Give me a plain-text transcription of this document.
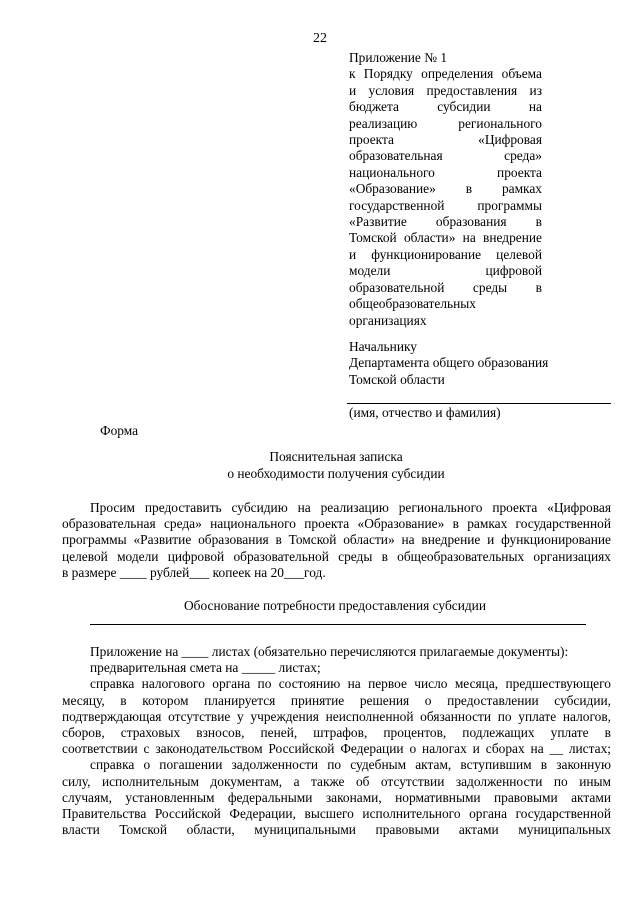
22
Приложение № 1
к Порядку определения объема
и условия предоставления из
бюджета субсидии на
реализацию регионального
проекта «Цифровая
образовательная среда»
национального проекта
«Образование» в рамках
государственной программы
«Развитие образования в
Томской области» на внедрение
и функционирование целевой
модели цифровой
образовательной среды в
общеобразовательных
организациях
Начальнику
Департамента общего образования
Томской области
(имя, отчество и фамилия)
Форма
Пояснительная записка
о необходимости получения субсидии
Просим предоставить субсидию на реализацию регионального проекта «Цифровая
образовательная среда» национального проекта «Образование» в рамках государственной
программы «Развитие образования в Томской области» на внедрение и функционирование
целевой модели цифровой образовательной среды в общеобразовательных организациях
в размере ____ рублей___ копеек на 20___год.
Обоснование потребности предоставления субсидии
Приложение на ____ листах (обязательно перечисляются прилагаемые документы):
предварительная смета на _____ листах;
справка налогового органа по состоянию на первое число месяца, предшествующего
месяцу, в котором планируется принятие решения о предоставлении субсидии,
подтверждающая отсутствие у учреждения неисполненной обязанности по уплате налогов,
сборов, страховых взносов, пеней, штрафов, процентов, подлежащих уплате в
соответствии с законодательством Российской Федерации о налогах и сборах на __ листах;
справка о погашении задолженности по судебным актам, вступившим в законную
силу, исполнительным документам, а также об отсутствии задолженности по иным
случаям, установленным федеральными законами, нормативными правовыми актами
Правительства Российской Федерации, высшего исполнительного органа государственной
власти Томской области, муниципальными правовыми актами муниципальных
